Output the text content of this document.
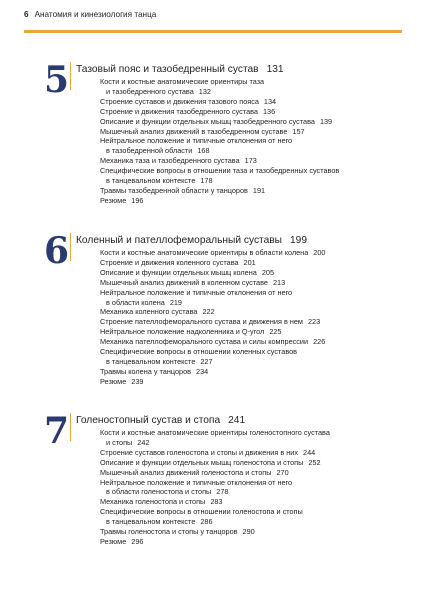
6 Анатомия и кинезиология танца
5 Тазовый пояс и тазобедренный сустав 131
Кости и костные анатомические ориентиры таза
и тазобедренного сустава 132
Строение суставов и движения тазового пояса 134
Строение и движения тазобедренного сустава 136
Описание и функции отдельных мышц тазобедренного сустава 139
Мышечный анализ движений в тазобедренном суставе 157
Нейтральное положение и типичные отклонения от него
в тазобедренной области 168
Механика таза и тазобедренного сустава 173
Специфические вопросы в отношении таза и тазобедренных суставов
в танцевальном контексте 178
Травмы тазобедренной области у танцоров 191
Резюме 196
6 Коленный и пателлофеморальный суставы 199
Кости и костные анатомические ориентиры в области колена 200
Строение и движения коленного сустава 201
Описание и функции отдельных мышц колена 205
Мышечный анализ движений в коленном суставе 213
Нейтральное положение и типичные отклонения от него
в области колена 219
Механика коленного сустава 222
Строение пателлофеморального сустава и движения в нем 223
Нейтральное положение надколенника и Q-угол 225
Механика пателлофеморального сустава и силы компрессии 226
Специфические вопросы в отношении коленных суставов
в танцевальном контексте 227
Травмы колена у танцоров 234
Резюме 239
7 Голеностопный сустав и стопа 241
Кости и костные анатомические ориентиры голеностопного сустава
и стопы 242
Строение суставов голеностопа и стопы и движения в них 244
Описание и функции отдельных мышц голеностопа и стопы 252
Мышечный анализ движений голеностопа и стопы 270
Нейтральное положение и типичные отклонения от него
в области голеностопа и стопы 278
Механика голеностопа и стопы 283
Специфические вопросы в отношении голеностопа и стопы
в танцевальном контексте 286
Травмы голеностопа и стопы у танцоров 290
Резюме 296
